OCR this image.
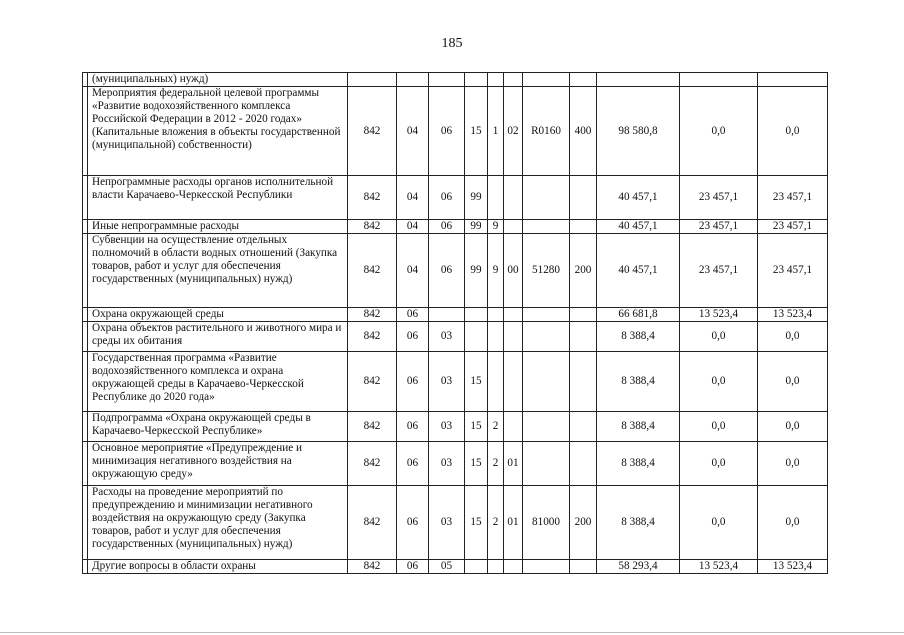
185
	(муниципальных) нужд)											
	Мероприятия федеральной целевой программы «Развитие водохозяйственного комплекса Российской Федерации в 2012 - 2020 годах» (Капитальные вложения в объекты государственной (муниципальной) собственности)	842	04	06	15	1	02	R0160	400	98 580,8	0,0	0,0
	Непрограммные расходы органов исполнительной власти Карачаево-Черкесской Республики	842	04	06	99					40 457,1	23 457,1	23 457,1
	Иные непрограммные расходы	842	04	06	99	9				40 457,1	23 457,1	23 457,1
	Субвенции на осуществление отдельных полномочий в области водных отношений (Закупка товаров, работ и услуг для обеспечения государственных (муниципальных) нужд)	842	04	06	99	9	00	51280	200	40 457,1	23 457,1	23 457,1
	Охрана окружающей среды	842	06							66 681,8	13 523,4	13 523,4
	Охрана объектов растительного и животного мира и среды их обитания	842	06	03						8 388,4	0,0	0,0
	Государственная программа «Развитие водохозяйственного комплекса и охрана окружающей среды в Карачаево-Черкесской Республике до 2020 года»	842	06	03	15					8 388,4	0,0	0,0
	Подпрограмма «Охрана окружающей среды в Карачаево-Черкесской Республике»	842	06	03	15	2				8 388,4	0,0	0,0
	Основное мероприятие «Предупреждение и минимизация негативного воздействия на окружающую среду»	842	06	03	15	2	01			8 388,4	0,0	0,0
	Расходы на проведение мероприятий по предупреждению и минимизации негативного воздействия на окружающую среду (Закупка товаров, работ и услуг для обеспечения государственных (муниципальных) нужд)	842	06	03	15	2	01	81000	200	8 388,4	0,0	0,0
	Другие вопросы в области охраны	842	06	05						58 293,4	13 523,4	13 523,4
